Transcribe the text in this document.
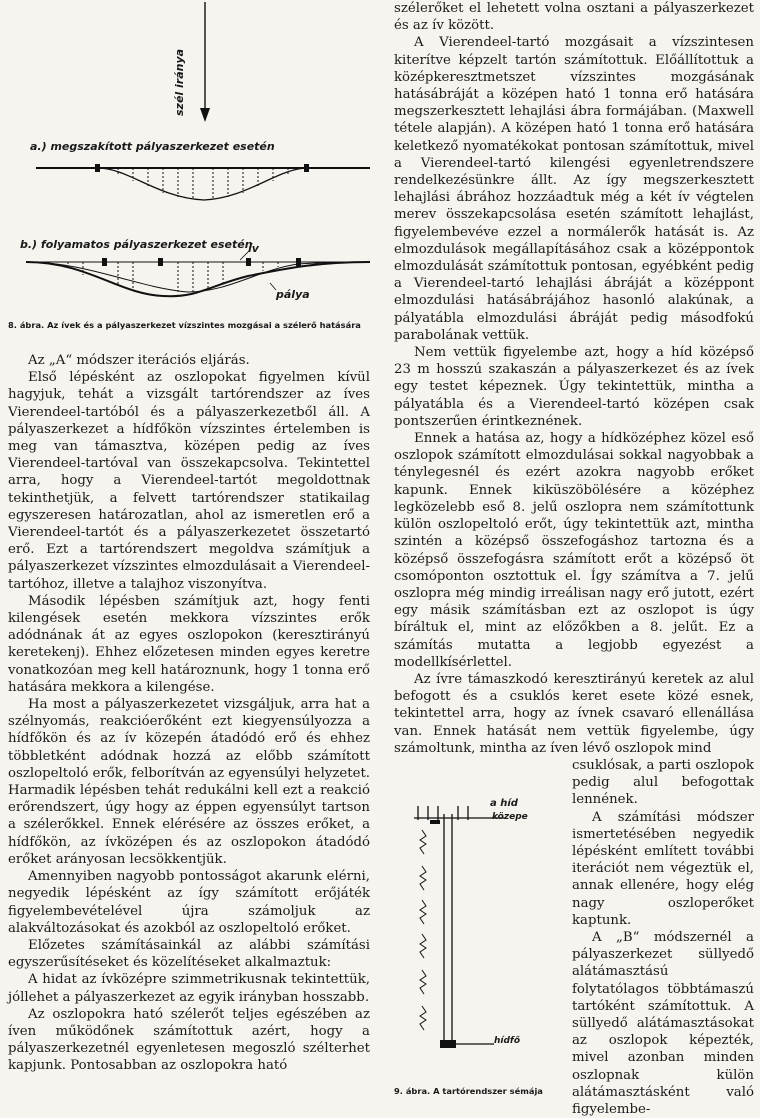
szél iránya
a.) megszakított pályaszerkezet esetén
b.) folyamatos pályaszerkezet esetén
ív
pálya

8. ábra. Az ívek és a pályaszerkezet vízszintes mozgásai a szélerő hatására

Az „A“ módszer iterációs eljárás.

Első lépésként az oszlopokat figyelmen kívül hagyjuk, tehát a vizsgált tartórendszer az íves Vierendeel-tartóból és a pályaszerkezetből áll. A pályaszerkezet a hídfőkön vízszintes értelemben is meg van támasztva, középen pedig az íves Vierendeel-tartóval van összekapcsolva. Tekintettel arra, hogy a Vierendeel-tartót megoldottnak tekinthetjük, a felvett tartórendszer statikailag egyszeresen határozatlan, ahol az ismeretlen erő a Vierendeel-tartót és a pályaszerkezetet összetartó erő. Ezt a tartórendszert megoldva számítjuk a pályaszerkezet vízszintes elmozdulásait a Vierendeel-tartóhoz, illetve a talajhoz viszonyítva.

Második lépésben számítjuk azt, hogy fenti kilengések esetén mekkora vízszintes erők adódnának át az egyes oszlopokon (keresztirányú keretekenj). Ehhez előzetesen minden egyes keretre vonatkozóan meg kell határoznunk, hogy 1 tonna erő hatására mekkora a kilengése.

Ha most a pályaszerkezetet vizsgáljuk, arra hat a szélnyomás, reakcióerőként ezt kiegyensúlyozza a hídfőkön és az ív közepén átadódó erő és ehhez többletként adódnak hozzá az előbb számított oszlopeltoló erők, felborítván az egyensúlyi helyzetet. Harmadik lépésben tehát redukálni kell ezt a reakció erőrendszert, úgy hogy az éppen egyensúlyt tartson a szélerőkkel. Ennek elérésére az összes erőket, a hídfőkön, az ívközépen és az oszlopokon átadódó erőket arányosan lecsökkentjük.

Amennyiben nagyobb pontosságot akarunk elérni, negyedik lépésként az így számított erőjáték figyelembevételével újra számoljuk az alakváltozásokat és azokból az oszlopeltoló erőket.

Előzetes számításainkál az alábbi számítási egyszerűsítéseket és közelítéseket alkalmaztuk:

A hidat az ívközépre szimmetrikusnak tekintettük, jóllehet a pályaszerkezet az egyik irányban hosszabb.

Az oszlopokra ható szélerőt teljes egészében az íven működőnek számítottuk azért, hogy a pályaszerkezetnél egyenletesen megoszló szélterhet kapjunk. Pontosabban az oszlopokra ható

szélerőket el lehetett volna osztani a pályaszerkezet és az ív között.

A Vierendeel-tartó mozgásait a vízszintesen kiterítve képzelt tartón számítottuk. Előállítottuk a középkeresztmetszet vízszintes mozgásának hatásábráját a középen ható 1 tonna erő hatására megszerkesztett lehajlási ábra formájában. (Maxwell tétele alapján). A középen ható 1 tonna erő hatására keletkező nyomatékokat pontosan számítottuk, mivel a Vierendeel-tartó kilengési egyenletrendszere rendelkezésünkre állt. Az így megszerkesztett lehajlási ábrához hozzáadtuk még a két ív végtelen merev összekapcsolása esetén számított lehajlást, figyelembevéve ezzel a normálerők hatását is. Az elmozdulások megállapításához csak a középpontok elmozdulását számítottuk pontosan, egyébként pedig a Vierendeel-tartó lehajlási ábráját a középpont elmozdulási hatásábrájához hasonló alakúnak, a pályatábla elmozdulási ábráját pedig másodfokú parabolának vettük.

Nem vettük figyelembe azt, hogy a híd középső 23 m hosszú szakaszán a pályaszerkezet és az ívek egy testet képeznek. Úgy tekintettük, mintha a pályatábla és a Vierendeel-tartó középen csak pontszerűen érintkeznének.

Ennek a hatása az, hogy a hídközéphez közel eső oszlopok számított elmozdulásai sokkal nagyobbak a ténylegesnél és ezért azokra nagyobb erőket kapunk. Ennek kiküszöbölésére a középhez legközelebb eső 8. jelű oszlopra nem számítottunk külön oszlopeltoló erőt, úgy tekintettük azt, mintha szintén a középső összefogáshoz tartozna és a középső összefogásra számított erőt a középső öt csomóponton osztottuk el. Így számítva a 7. jelű oszlopra még mindig irreálisan nagy erő jutott, ezért egy másik számításban ezt az oszlopot is úgy bíráltuk el, mint az előzőkben a 8. jelűt. Ez a számítás mutatta a legjobb egyezést a modellkísérlettel.

Az ívre támaszkodó keresztirányú keretek az alul befogott és a csuklós keret esete közé esnek, tekintettel arra, hogy az ívnek csavaró ellenállása van. Ennek hatását nem vettük figyelembe, úgy számoltunk, mintha az íven lévő oszlopok mind

csuklósak, a parti oszlopok pedig alul befogottak lennének.

A számítási módszer ismertetésében negyedik lépésként említett további iterációt nem végeztük el, annak ellenére, hogy elég nagy oszloperőket kaptunk.

A „B“ módszernél a pályaszerkezet süllyedő alátámasztású folytatólagos többtámaszú tartóként számítottuk. A süllyedő alátámasztásokat az oszlopok képezték, mivel azonban minden oszlopnak külön alátámasztásként való figyelembe-

a híd
közepe
hídfő

9. ábra. A tartórendszer sémája
